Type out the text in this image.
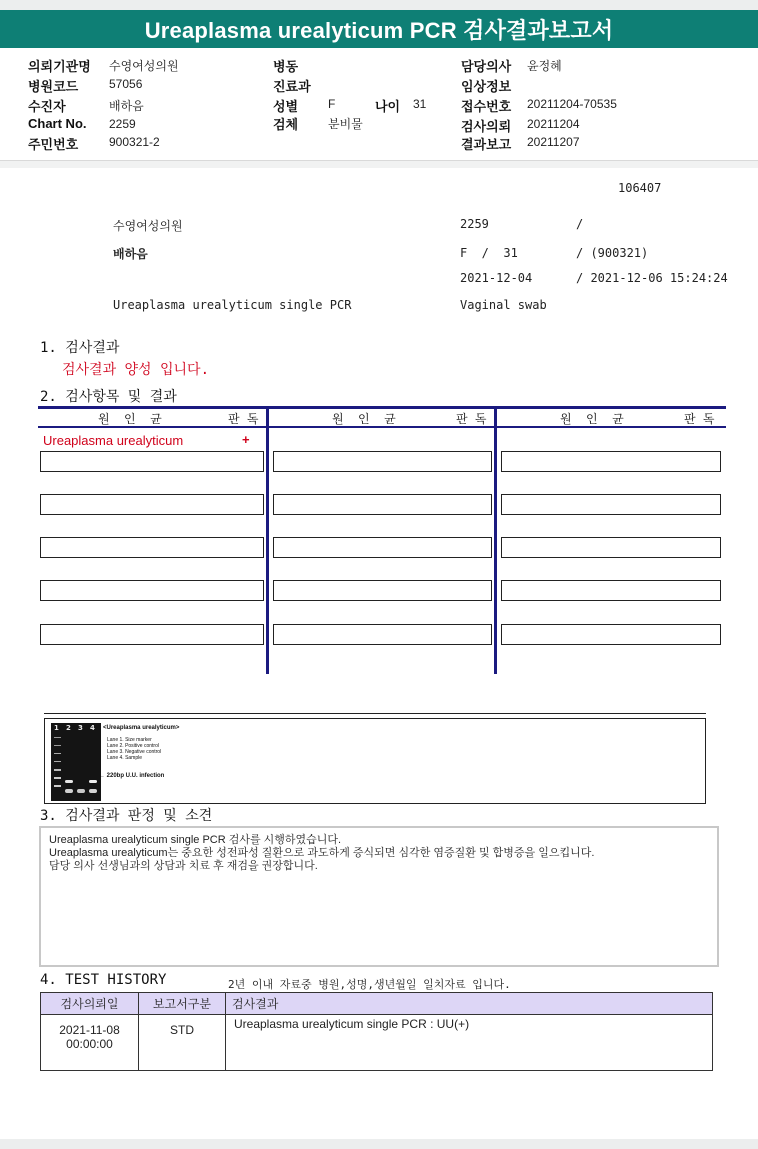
Ureaplasma urealyticum PCR 검사결과보고서
의뢰기관명 수영여성의원
병원코드	57056
수진자	배하음
Chart No. 2259
주민번호	900321-2
병동
진료과
성별 F	나이 31
검체 분비물
담당의사 윤정혜
임상정보
접수번호 20211204-70535
검사의뢰 20211204
결과보고 20211207
106407
수영여성의원	2259	/
배하음	F  /  31	/ (900321)
2021-12-04	/ 2021-12-06 15:24:24
Ureaplasma urealyticum single PCR	Vaginal swab
1. 검사결과
검사결과 양성 입니다.
2. 검사항목 및 결과
원  인  균	판 독	원  인  균	판 독	원  인  균	판 독
Ureaplasma urealyticum	+
1 2 3 4 <Ureaplasma urealyticum>
Lane 1. Size marker
Lane 2. Positive control
Lane 3. Negative control
Lane 4. Sample
← 220bp U.U. infection
3. 검사결과 판정 및 소견
Ureaplasma urealyticum single PCR 검사를 시행하였습니다.
Ureaplasma urealyticum는 중요한 성전파성 질환으로 과도하게 증식되면 심각한 염증질환 및 합병증을 일으킵니다.
담당 의사 선생님과의 상담과 치료 후 재검을 권장합니다.
4. TEST HISTORY	2년 이내 자료중 병원,성명,생년월일 일치자료 입니다.
검사의뢰일	보고서구분	검사결과

2021-11-08
00:00:00	STD	Ureaplasma urealyticum single PCR : UU(+)
